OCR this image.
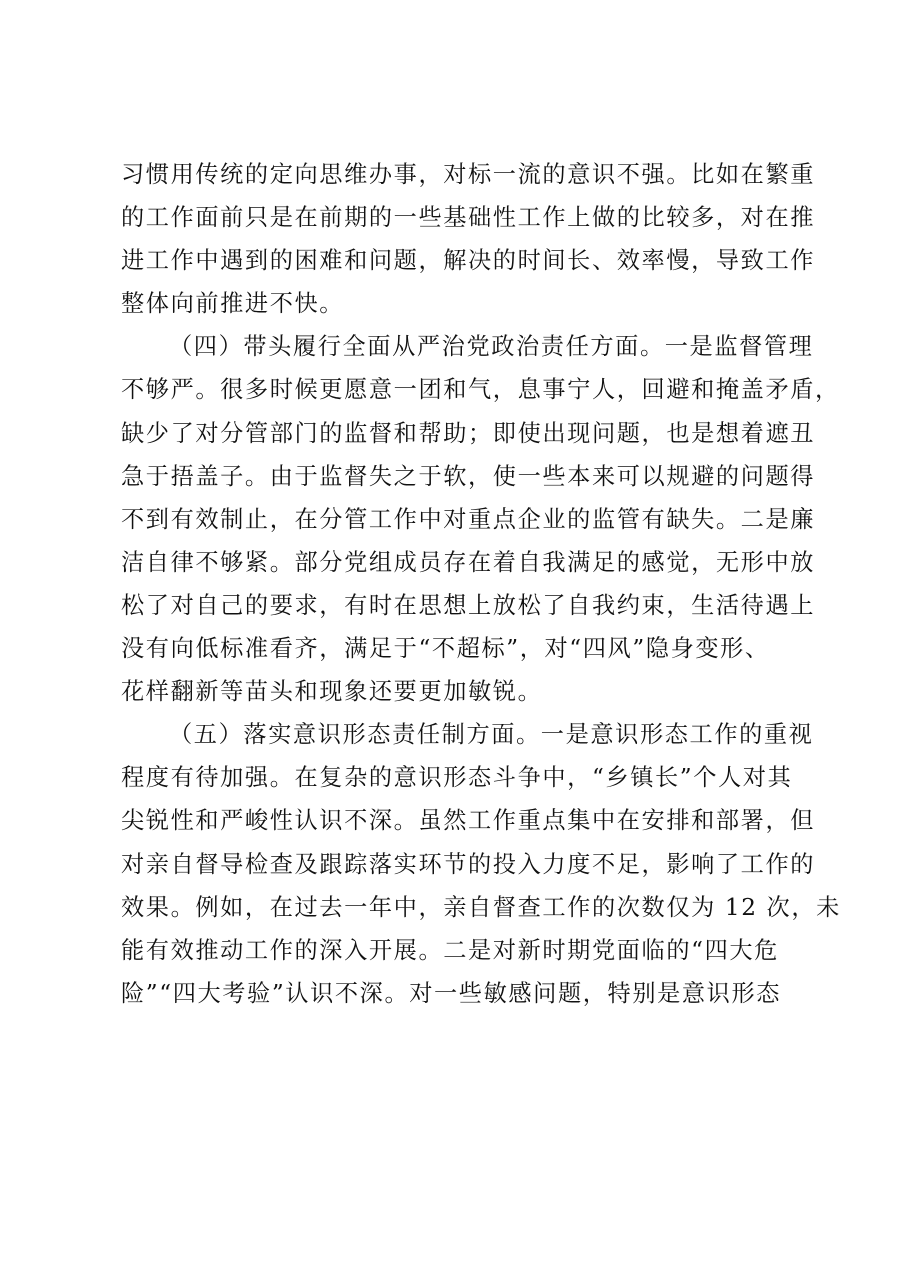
习惯用传统的定向思维办事，对标一流的意识不强。比如在繁重
的工作面前只是在前期的一些基础性工作上做的比较多，对在推
进工作中遇到的困难和问题，解决的时间长、效率慢，导致工作
整体向前推进不快。

（四）带头履行全面从严治党政治责任方面。一是监督管理
不够严。很多时候更愿意一团和气，息事宁人，回避和掩盖矛盾，
缺少了对分管部门的监督和帮助；即使出现问题，也是想着遮丑
急于捂盖子。由于监督失之于软，使一些本来可以规避的问题得
不到有效制止，在分管工作中对重点企业的监管有缺失。二是廉
洁自律不够紧。部分党组成员存在着自我满足的感觉，无形中放
松了对自己的要求，有时在思想上放松了自我约束，生活待遇上
没有向低标准看齐，满足于“不超标”，对“四风”隐身变形、
花样翻新等苗头和现象还要更加敏锐。

（五）落实意识形态责任制方面。一是意识形态工作的重视
程度有待加强。在复杂的意识形态斗争中，“乡镇长”个人对其
尖锐性和严峻性认识不深。虽然工作重点集中在安排和部署，但
对亲自督导检查及跟踪落实环节的投入力度不足，影响了工作的
效果。例如，在过去一年中，亲自督查工作的次数仅为 12 次，未
能有效推动工作的深入开展。二是对新时期党面临的“四大危
险”“四大考验”认识不深。对一些敏感问题，特别是意识形态
